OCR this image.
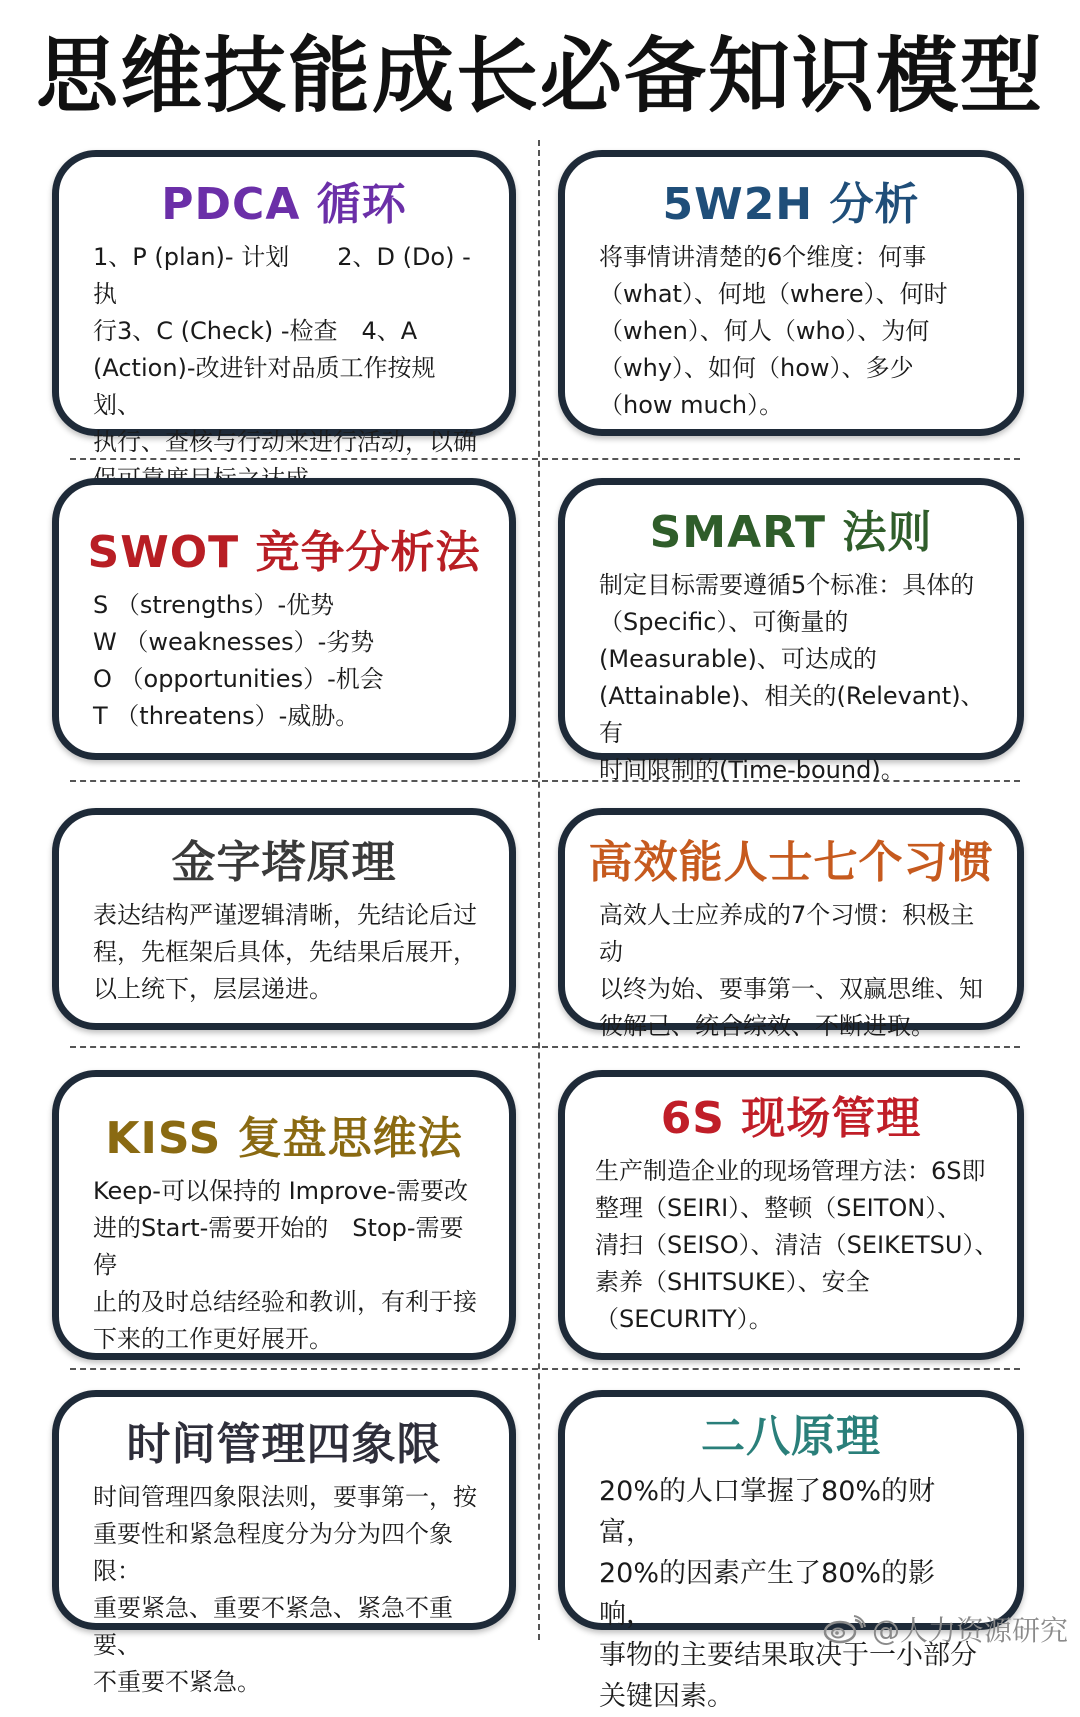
思维技能成长必备知识模型
PDCA 循环
1、P (plan)- 计划　　2、D (Do) -执
行3、C (Check) -检查　4、A
(Action)-改进针对品质工作按规划、
执行、查核与行动来进行活动，以确

5W2H 分析
将事情讲清楚的6个维度：何事
（what）、何地（where）、何时
（when）、何人（who）、为何
（why）、如何（how）、多少
（how much）。
SWOT 竞争分析法
S （strengths）-优势
W （weaknesses）-劣势
O （opportunities）-机会
T （threatens）-威胁。
SMART 法则
制定目标需要遵循5个标准：具体的
（Specific）、可衡量的
(Measurable)、可达成的
(Attainable)、相关的(Relevant)、有
时间限制的(Time-bound)。
金字塔原理
表达结构严谨逻辑清晰，先结论后过
程，先框架后具体，先结果后展开，
以上统下，层层递进。
高效能人士七个习惯
高效人士应养成的7个习惯：积极主动
以终为始、要事第一、双赢思维、知
彼解己、统合综效、不断进取。
KISS 复盘思维法
Keep-可以保持的 Improve-需要改
进的Start-需要开始的　Stop-需要停
止的及时总结经验和教训，有利于接
下来的工作更好展开。
6S 现场管理
生产制造企业的现场管理方法：6S即
整理（SEIRI）、整顿（SEITON）、
清扫（SEISO）、清洁（SEIKETSU）、
素养（SHITSUKE）、安全
（SECURITY）。
时间管理四象限
时间管理四象限法则，要事第一，按
重要性和紧急程度分为分为四个象限：
重要紧急、重要不紧急、紧急不重要、
不重要不紧急。
二八原理
20%的人口掌握了80%的财富，
20%的因素产生了80%的影响，
事物的主要结果取决于一小部分
关键因素。
@人力资源研究
